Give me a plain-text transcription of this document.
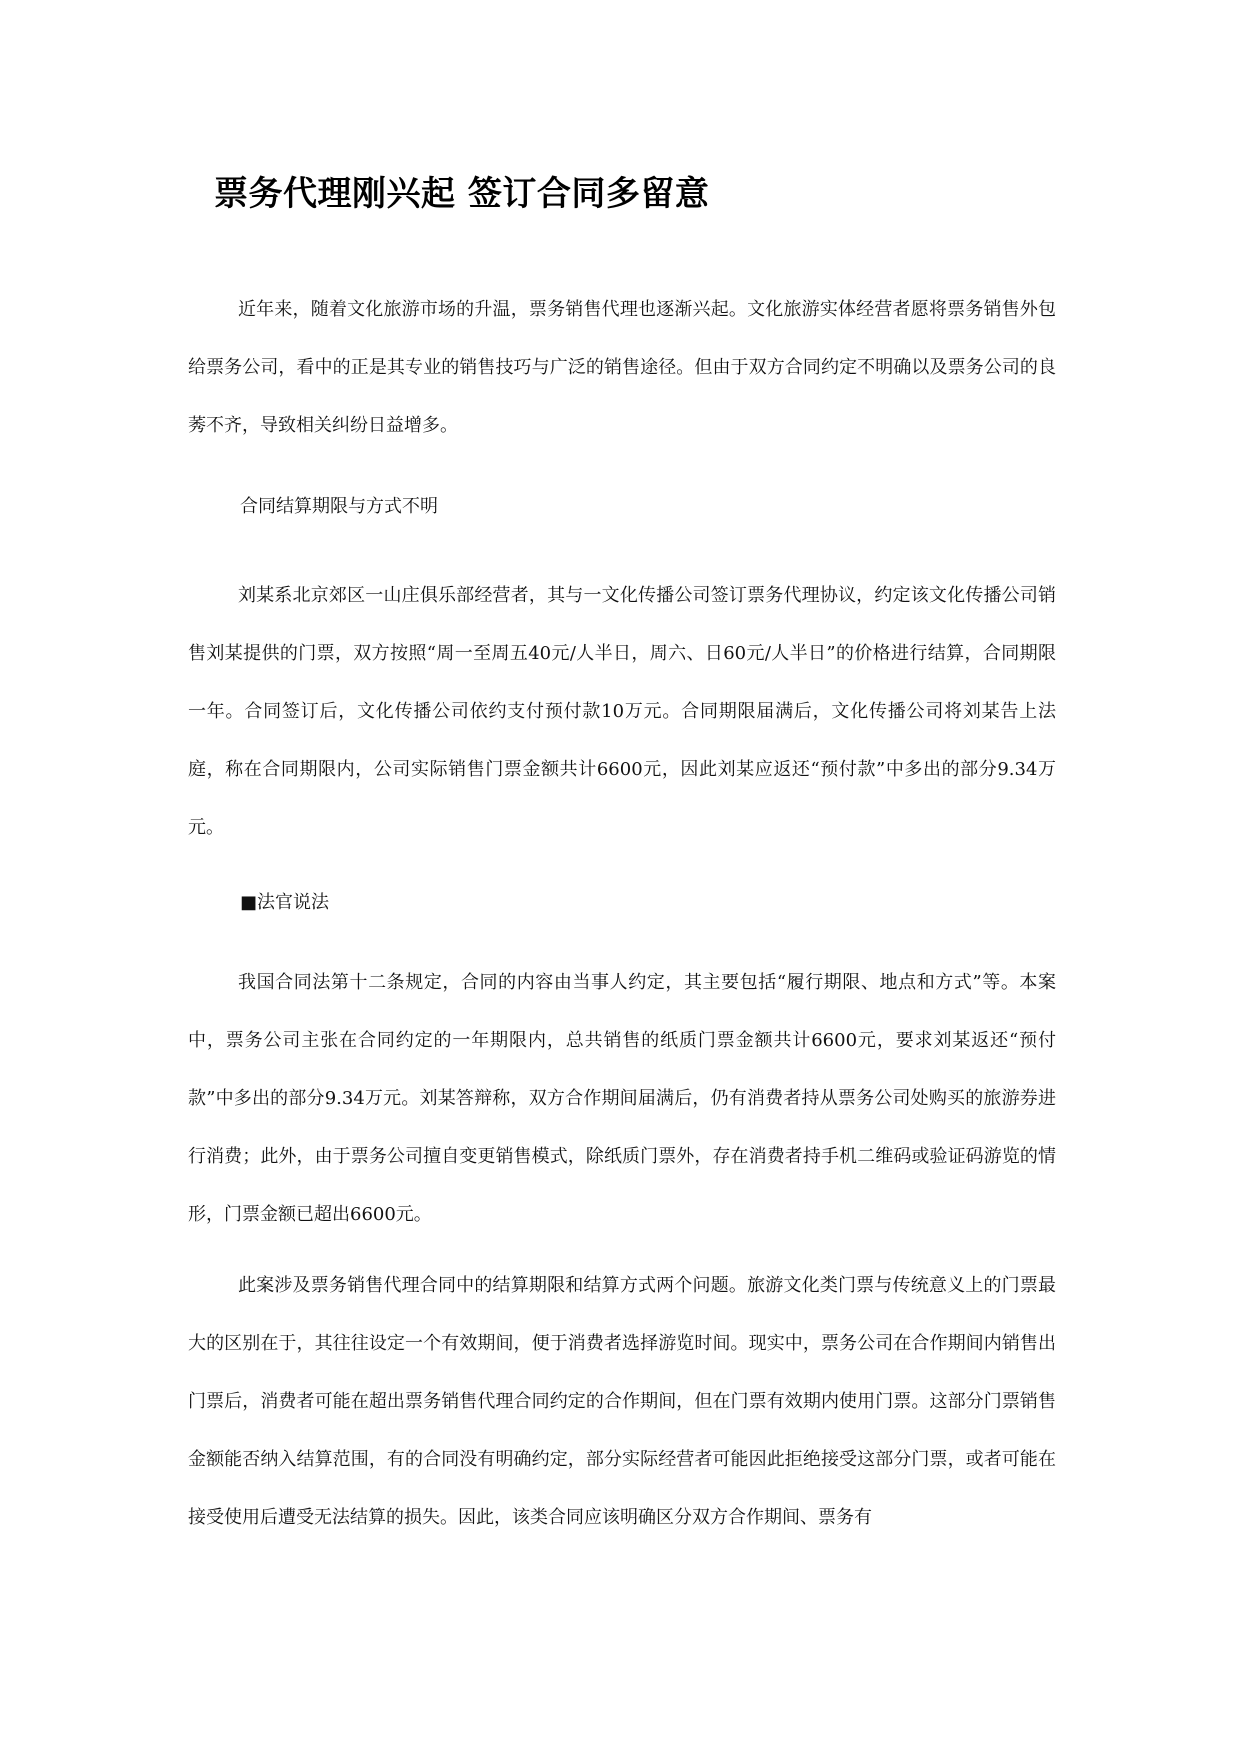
票务代理刚兴起 签订合同多留意

近年来，随着文化旅游市场的升温，票务销售代理也逐渐兴起。文化旅游实体经营者愿将票务销售外包给票务公司，看中的正是其专业的销售技巧与广泛的销售途径。但由于双方合同约定不明确以及票务公司的良莠不齐，导致相关纠纷日益增多。

合同结算期限与方式不明

刘某系北京郊区一山庄俱乐部经营者，其与一文化传播公司签订票务代理协议，约定该文化传播公司销售刘某提供的门票，双方按照“周一至周五40元/人半日，周六、日60元/人半日”的价格进行结算，合同期限一年。合同签订后，文化传播公司依约支付预付款10万元。合同期限届满后，文化传播公司将刘某告上法庭，称在合同期限内，公司实际销售门票金额共计6600元，因此刘某应返还“预付款”中多出的部分9.34万元。

■法官说法

我国合同法第十二条规定，合同的内容由当事人约定，其主要包括“履行期限、地点和方式”等。本案中，票务公司主张在合同约定的一年期限内，总共销售的纸质门票金额共计6600元，要求刘某返还“预付款”中多出的部分9.34万元。刘某答辩称，双方合作期间届满后，仍有消费者持从票务公司处购买的旅游券进行消费；此外，由于票务公司擅自变更销售模式，除纸质门票外，存在消费者持手机二维码或验证码游览的情形，门票金额已超出6600元。

此案涉及票务销售代理合同中的结算期限和结算方式两个问题。旅游文化类门票与传统意义上的门票最大的区别在于，其往往设定一个有效期间，便于消费者选择游览时间。现实中，票务公司在合作期间内销售出门票后，消费者可能在超出票务销售代理合同约定的合作期间，但在门票有效期内使用门票。这部分门票销售金额能否纳入结算范围，有的合同没有明确约定，部分实际经营者可能因此拒绝接受这部分门票，或者可能在接受使用后遭受无法结算的损失。因此，该类合同应该明确区分双方合作期间、票务有
